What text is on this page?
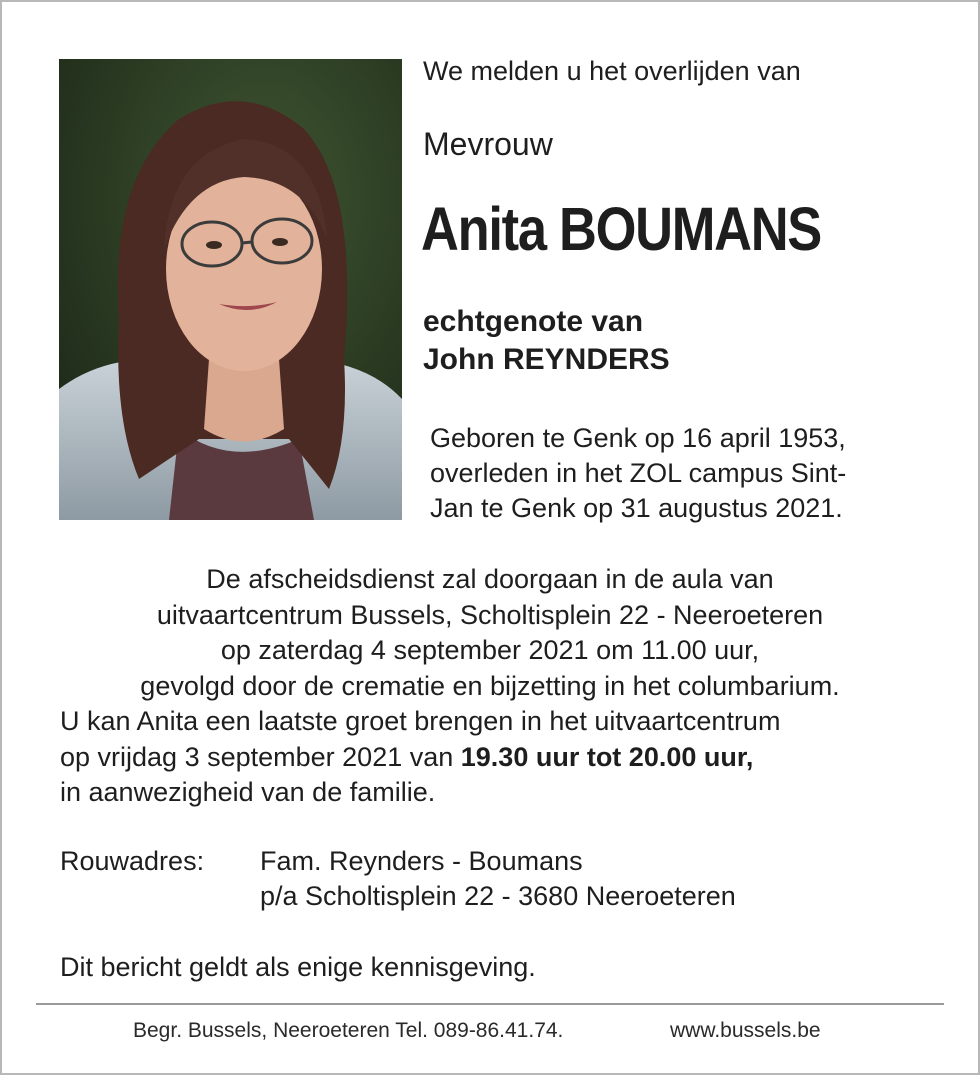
We melden u het overlijden van
Mevrouw
Anita BOUMANS
echtgenote van
John REYNDERS
Geboren te Genk op 16 april 1953,
overleden in het ZOL campus Sint-
Jan te Genk op 31 augustus 2021.
De afscheidsdienst zal doorgaan in de aula van
uitvaartcentrum Bussels, Scholtisplein 22 - Neeroeteren
op zaterdag 4 september 2021 om 11.00 uur,
gevolgd door de crematie en bijzetting in het columbarium.
U kan Anita een laatste groet brengen in het uitvaartcentrum
op vrijdag 3 september 2021 van 19.30 uur tot 20.00 uur,
in aanwezigheid van de familie.
Rouwadres: Fam. Reynders - Boumans
p/a Scholtisplein 22 - 3680 Neeroeteren
Dit bericht geldt als enige kennisgeving.
Begr. Bussels, Neeroeteren Tel. 089-86.41.74.	www.bussels.be
